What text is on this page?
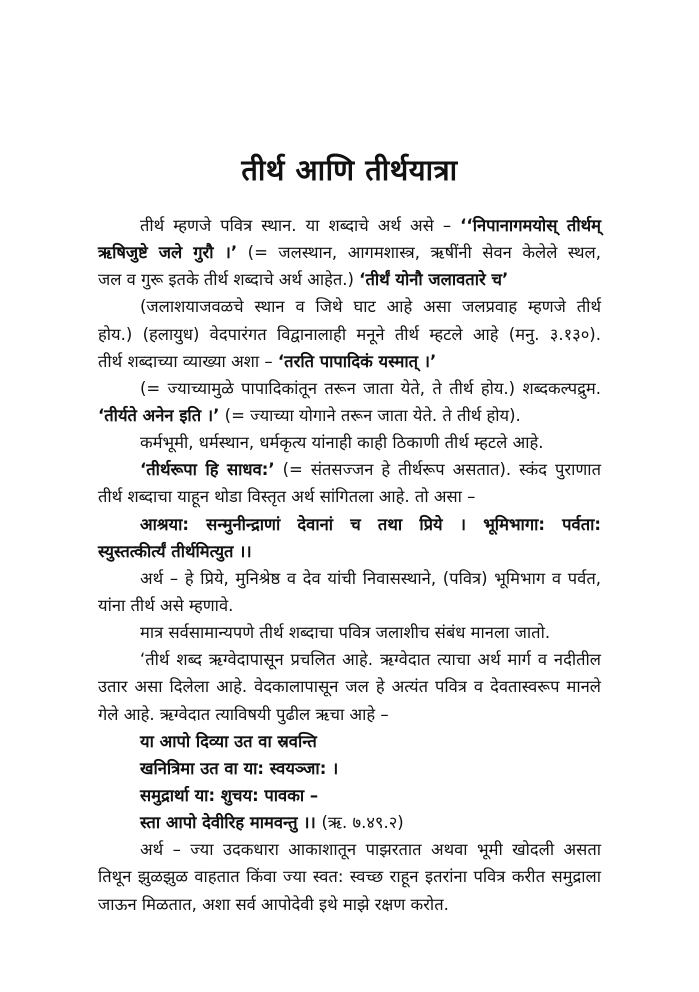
तीर्थ आणि तीर्थयात्रा
तीर्थ म्हणजे पवित्र स्थान. या शब्दाचे अर्थ असे – ‘‘निपानागमयोस् तीर्थम्
ऋषिजुष्टे जले गुरौ ।’ (= जलस्थान, आगमशास्त्र, ऋषींनी सेवन केलेले स्थल,
जल व गुरू इतके तीर्थ शब्दाचे अर्थ आहेत.) ‘तीर्थं योनौ जलावतारे च’
(जलाशयाजवळचे स्थान व जिथे घाट आहे असा जलप्रवाह म्हणजे तीर्थ
होय.) (हलायुध) वेदपारंगत विद्वानालाही मनूने तीर्थ म्हटले आहे (मनु. ३.१३०).
तीर्थ शब्दाच्या व्याख्या अशा – ‘तरति पापादिकं यस्मात् ।’
(= ज्याच्यामुळे पापादिकांतून तरून जाता येते, ते तीर्थ होय.) शब्दकल्पद्रुम.
‘तीर्यते अनेन इति ।’ (= ज्याच्या योगाने तरून जाता येते. ते तीर्थ होय).
कर्मभूमी, धर्मस्थान, धर्मकृत्य यांनाही काही ठिकाणी तीर्थ म्हटले आहे.
‘तीर्थरूपा हि साधव:’ (= संतसज्जन हे तीर्थरूप असतात). स्कंद पुराणात
तीर्थ शब्दाचा याहून थोडा विस्तृत अर्थ सांगितला आहे. तो असा –
आश्रया: सन्मुनीन्द्राणां देवानां च तथा प्रिये । भूमिभागा: पर्वता:
स्युस्तत्कीर्त्यं तीर्थमित्युत ।।
अर्थ – हे प्रिये, मुनिश्रेष्ठ व देव यांची निवासस्थाने, (पवित्र) भूमिभाग व पर्वत,
यांना तीर्थ असे म्हणावे.
मात्र सर्वसामान्यपणे तीर्थ शब्दाचा पवित्र जलाशीच संबंध मानला जातो.
‘तीर्थ शब्द ऋग्वेदापासून प्रचलित आहे. ऋग्वेदात त्याचा अर्थ मार्ग व नदीतील
उतार असा दिलेला आहे. वेदकालापासून जल हे अत्यंत पवित्र व देवतास्वरूप मानले
गेले आहे. ऋग्वेदात त्याविषयी पुढील ऋचा आहे –
या आपो दिव्या उत वा स्रवन्ति
खनित्रिमा उत वा या: स्वयञ्जा: ।
समुद्रार्था या: शुचय: पावका –
स्ता आपो देवीरिह मामवन्तु ।। (ऋ. ७.४९.२)
अर्थ – ज्या उदकधारा आकाशातून पाझरतात अथवा भूमी खोदली असता
तिथून झुळझुळ वाहतात किंवा ज्या स्वत: स्वच्छ राहून इतरांना पवित्र करीत समुद्राला
जाऊन मिळतात, अशा सर्व आपोदेवी इथे माझे रक्षण करोत.
